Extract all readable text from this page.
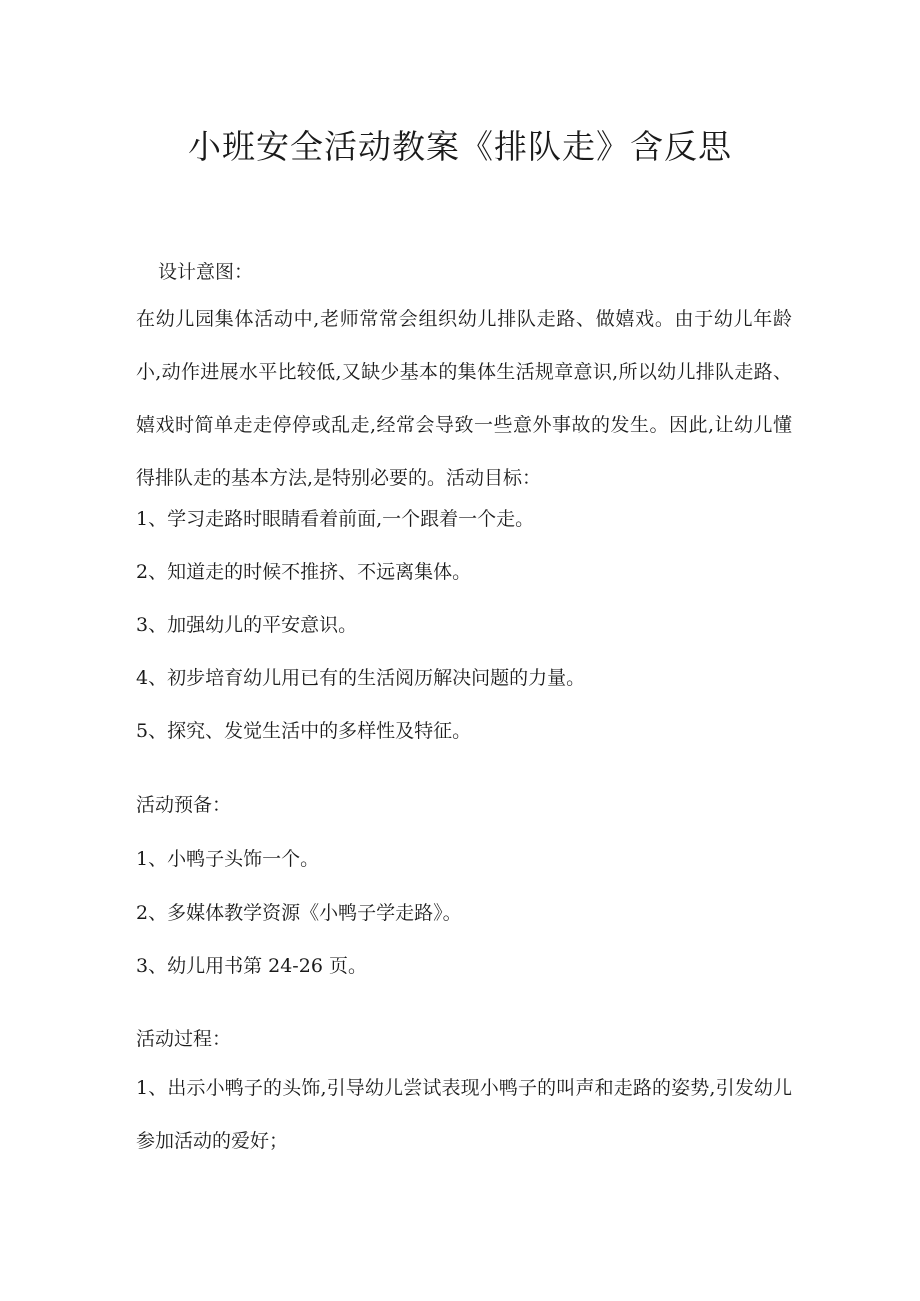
小班安全活动教案《排队走》含反思

设计意图：

在幼儿园集体活动中,老师常常会组织幼儿排队走路、做嬉戏。由于幼儿年龄小,动作进展水平比较低,又缺少基本的集体生活规章意识,所以幼儿排队走路、嬉戏时简单走走停停或乱走,经常会导致一些意外事故的发生。因此,让幼儿懂得排队走的基本方法,是特别必要的。活动目标：

1、学习走路时眼睛看着前面,一个跟着一个走。

2、知道走的时候不推挤、不远离集体。

3、加强幼儿的平安意识。

4、初步培育幼儿用已有的生活阅历解决问题的力量。

5、探究、发觉生活中的多样性及特征。

活动预备：

1、小鸭子头饰一个。

2、多媒体教学资源《小鸭子学走路》。

3、幼儿用书第 24-26 页。

活动过程：

1、出示小鸭子的头饰,引导幼儿尝试表现小鸭子的叫声和走路的姿势,引发幼儿参加活动的爱好；
